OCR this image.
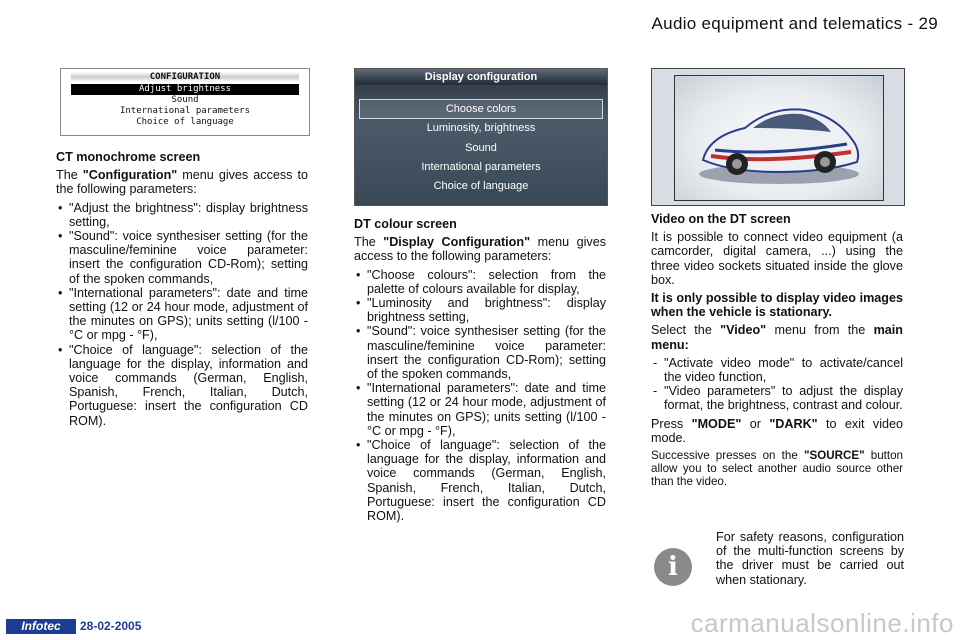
Audio equipment and telematics - 29
CONFIGURATION
Adjust brightness
Sound
International parameters
Choice of language
Display configuration
Choose colors
Luminosity, brightness
Sound
International parameters
Choice of language

CT monochrome screen

The "Configuration" menu gives access to the following parameters:

• "Adjust the brightness": display brightness setting,
• "Sound": voice synthesiser setting (for the masculine/feminine voice parameter: insert the configuration CD-Rom); setting of the spoken commands,
• "International parameters": date and time setting (12 or 24 hour mode, adjustment of the minutes on GPS); units setting (l/100 - °C or mpg - °F),
• "Choice of language": selection of the language for the display, information and voice commands (German, English, Spanish, French, Italian, Dutch, Portuguese: insert the configuration CD ROM).

DT colour screen

The "Display Configuration" menu gives access to the following parameters:

• "Choose colours": selection from the palette of colours available for display,
• "Luminosity and brightness": display brightness setting,
• "Sound": voice synthesiser setting (for the masculine/feminine voice parameter: insert the configuration CD-Rom); setting of the spoken commands,
• "International parameters": date and time setting (12 or 24 hour mode, adjustment of the minutes on GPS); units setting (l/100 - °C or mpg - °F),
• "Choice of language": selection of the language for the display, information and voice commands (German, English, Spanish, French, Italian, Dutch, Portuguese: insert the configuration CD ROM).

Video on the DT screen

It is possible to connect video equipment (a camcorder, digital camera, ...) using the three video sockets situated inside the glove box.

It is only possible to display video images when the vehicle is stationary.

Select the "Video" menu from the main menu:

- "Activate video mode" to activate/cancel the video function,
- "Video parameters" to adjust the display format, the brightness, contrast and colour.

Press "MODE" or "DARK" to exit video mode.

Successive presses on the "SOURCE" button allow you to select another audio source other than the video.

i

For safety reasons, configuration of the multi-function screens by the driver must be carried out when stationary.

Infotec	28-02-2005	carmanualsonline.info
